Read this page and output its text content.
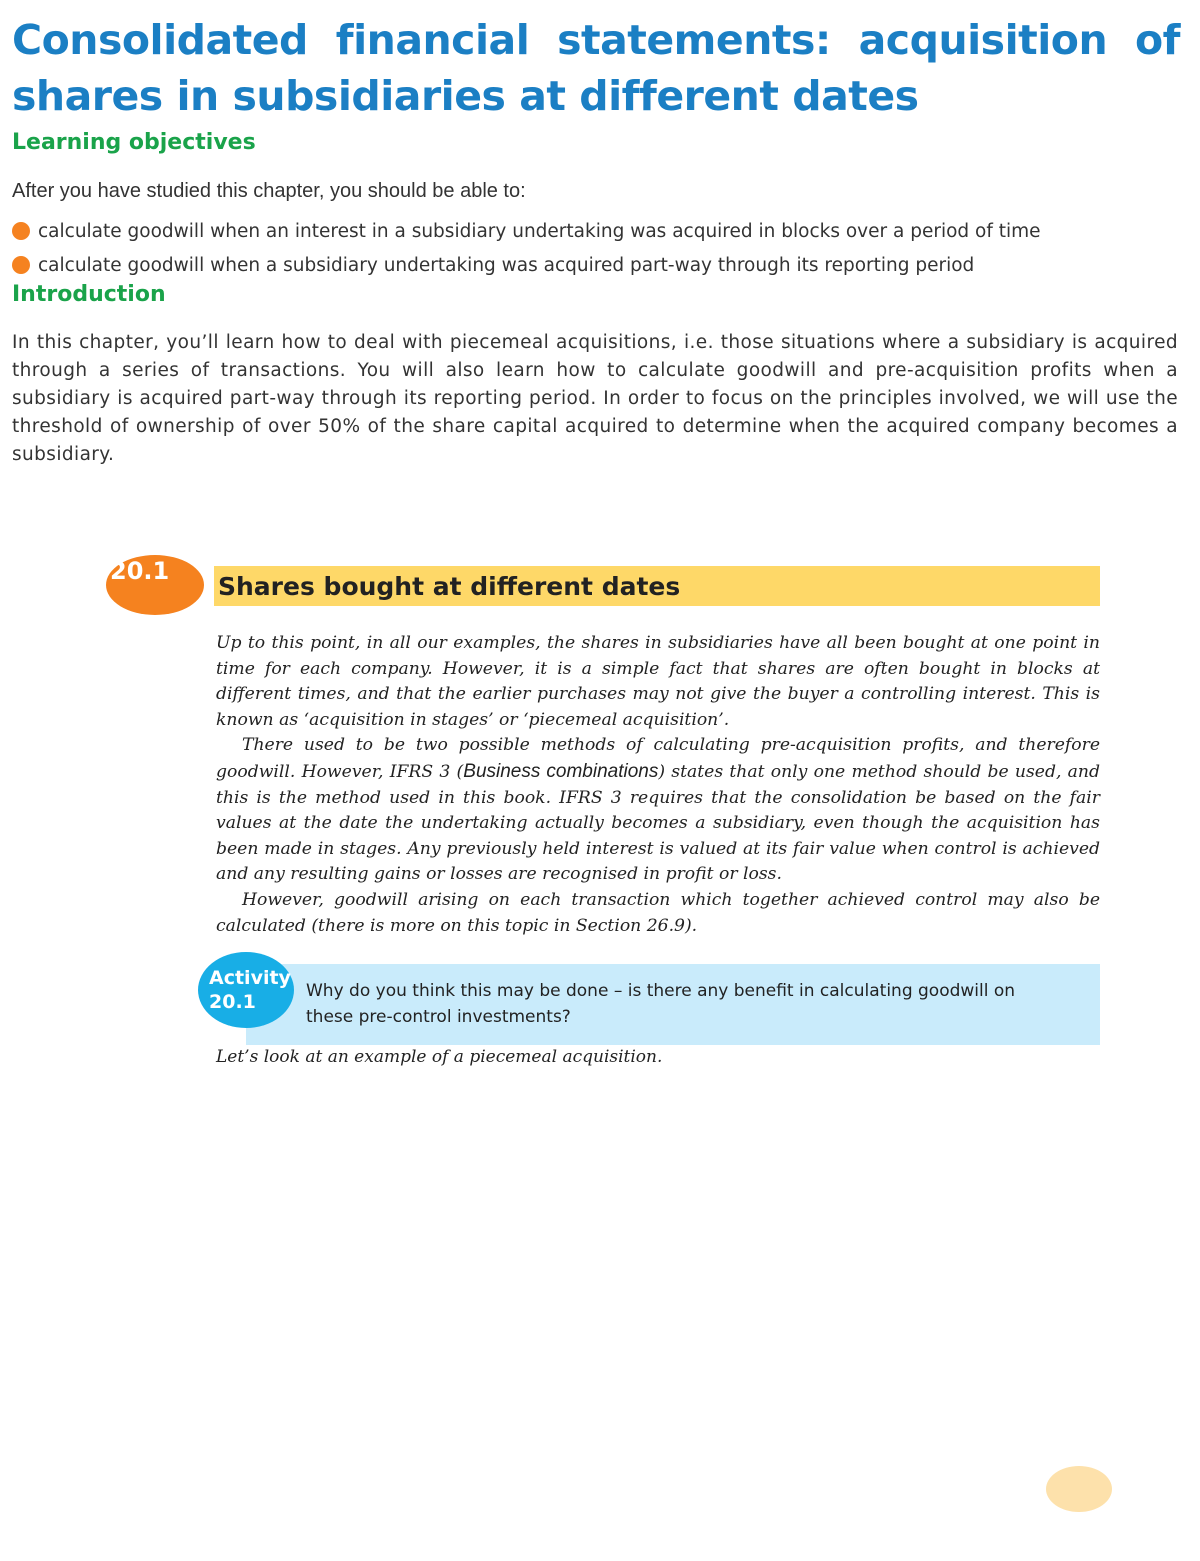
Consolidated financial statements: acquisition of shares in subsidiaries at different dates
Learning objectives

After you have studied this chapter, you should be able to:

calculate goodwill when an interest in a subsidiary undertaking was acquired in blocks over a period of time
calculate goodwill when a subsidiary undertaking was acquired part-way through its reporting period
Introduction

In this chapter, you’ll learn how to deal with piecemeal acquisitions, i.e. those situations where a subsidiary is acquired through a series of transactions. You will also learn how to calculate goodwill and pre-acquisition profits when a subsidiary is acquired part-way through its reporting period. In order to focus on the principles involved, we will use the threshold of ownership of over 50% of the share capital acquired to determine when the acquired company becomes a subsidiary.

20.1
Shares bought at different dates

Up to this point, in all our examples, the shares in subsidiaries have all been bought at one point in time for each company. However, it is a simple fact that shares are often bought in blocks at different times, and that the earlier purchases may not give the buyer a controlling interest. This is known as ‘acquisition in stages’ or ‘piecemeal acquisition’.

There used to be two possible methods of calculating pre-acquisition profits, and therefore goodwill. However, IFRS 3 (Business combinations) states that only one method should be used, and this is the method used in this book. IFRS 3 requires that the consolidation be based on the fair values at the date the undertaking actually becomes a subsidiary, even though the acquisition has been made in stages. Any previously held interest is valued at its fair value when control is achieved and any resulting gains or losses are recognised in profit or loss.

However, goodwill arising on each transaction which together achieved control may also be calculated (there is more on this topic in Section 26.9).

Activity
20.1	Why do you think this may be done – is there any benefit in calculating goodwill on these pre-control investments?

Let’s look at an example of a piecemeal acquisition.
